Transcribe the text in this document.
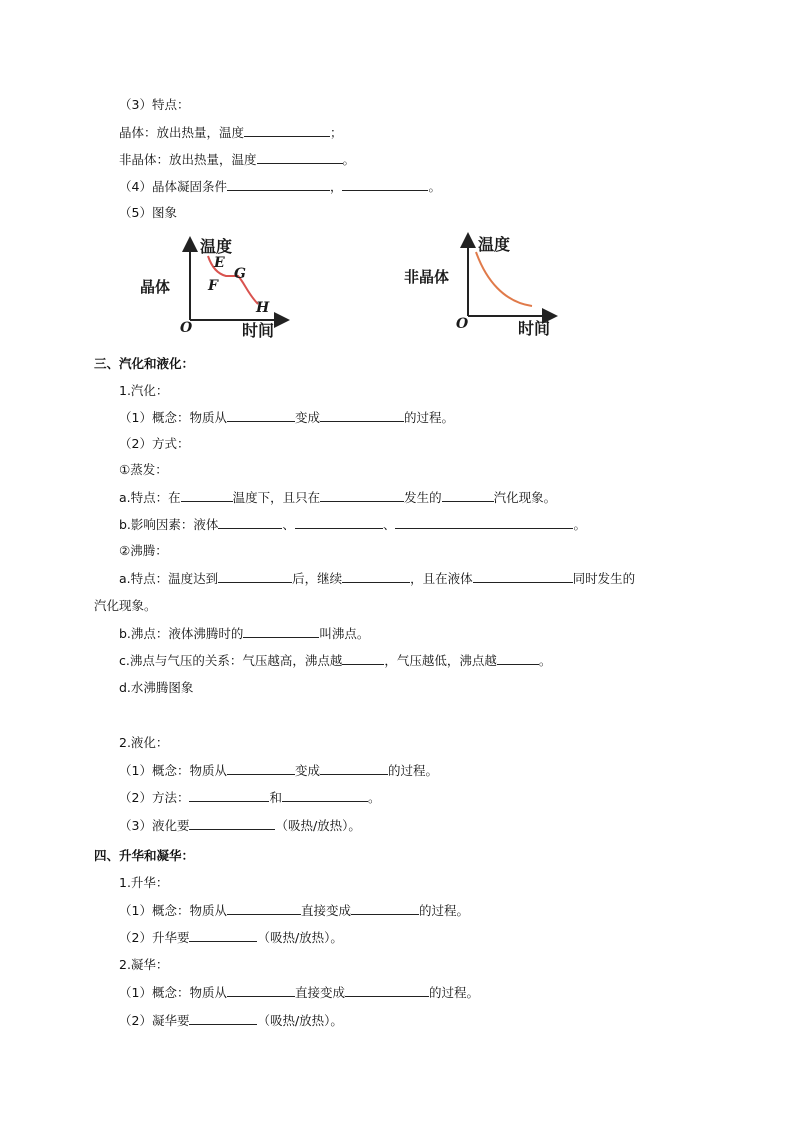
（3）特点：
晶体：放出热量，温度	；
非晶体：放出热量，温度	。
（4）晶体凝固条件	，	。
（5）图象
晶体
温度
时间
O
E
F
G
H
非晶体
温度
时间
O
三、汽化和液化：
1.汽化：
（1）概念：物质从	变成	的过程。
（2）方式：
①蒸发：
a.特点：在	温度下，且只在	发生的	汽化现象。
b.影响因素：液体	、	、	。
②沸腾：
a.特点：温度达到	后，继续	，且在液体	同时发生的
汽化现象。
b.沸点：液体沸腾时的	叫沸点。
c.沸点与气压的关系：气压越高，沸点越	，气压越低，沸点越	。
d.水沸腾图象
2.液化：
（1）概念：物质从	变成	的过程。
（2）方法：	和	。
（3）液化要	（吸热/放热）。
四、升华和凝华：
1.升华：
（1）概念：物质从	直接变成	的过程。
（2）升华要	（吸热/放热）。
2.凝华：
（1）概念：物质从	直接变成	的过程。
（2）凝华要	（吸热/放热）。
